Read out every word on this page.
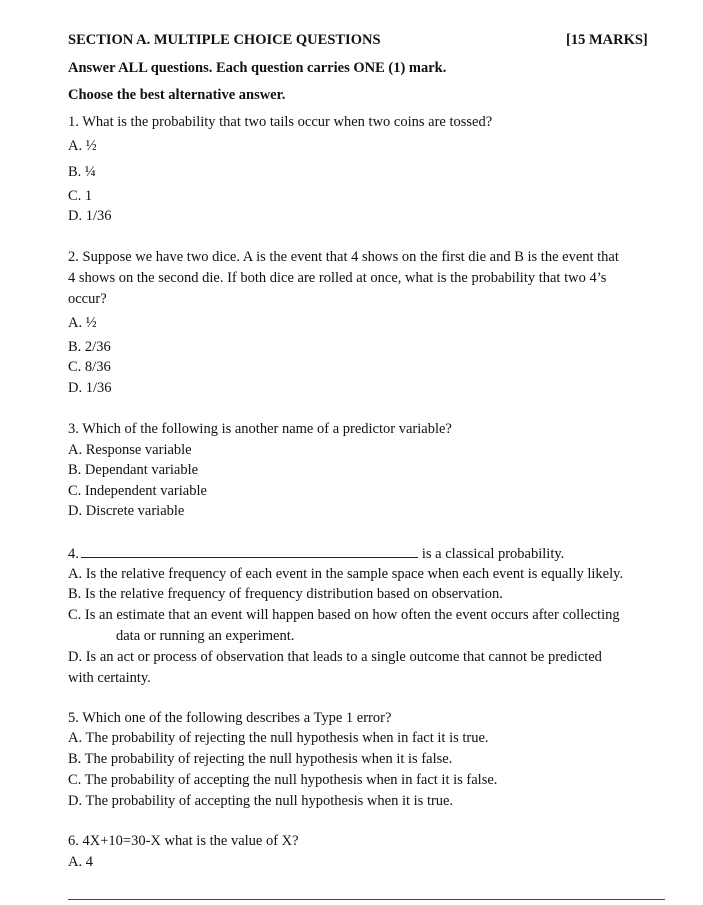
SECTION A. MULTIPLE CHOICE QUESTIONS	[15 MARKS]
Answer ALL questions. Each question carries ONE (1) mark.
Choose the best alternative answer.
1. What is the probability that two tails occur when two coins are tossed?
A. ½
B. ¼
C. 1
D. 1/36
2. Suppose we have two dice. A is the event that 4 shows on the first die and B is the event that
4 shows on the second die. If both dice are rolled at once, what is the probability that two 4’s
occur?
A. ½
B. 2/36
C. 8/36
D. 1/36
3. Which of the following is another name of a predictor variable?
A. Response variable
B. Dependant variable
C. Independent variable
D. Discrete variable
4.	is a classical probability.
A. Is the relative frequency of each event in the sample space when each event is equally likely.
B. Is the relative frequency of frequency distribution based on observation.
C. Is an estimate that an event will happen based on how often the event occurs after collecting
data or running an experiment.
D. Is an act or process of observation that leads to a single outcome that cannot be predicted
with certainty.
5. Which one of the following describes a Type 1 error?
A. The probability of rejecting the null hypothesis when in fact it is true.
B. The probability of rejecting the null hypothesis when it is false.
C. The probability of accepting the null hypothesis when in fact it is false.
D. The probability of accepting the null hypothesis when it is true.
6. 4X+10=30-X what is the value of X?
A. 4
